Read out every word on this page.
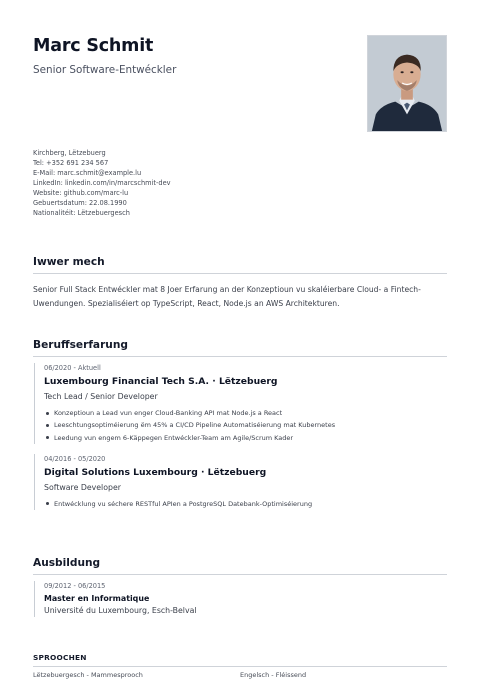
Marc Schmit
Senior Software-Entwéckler
Kirchberg, Lëtzebuerg
Tel: +352 691 234 567
E-Mail: marc.schmit@example.lu
LinkedIn: linkedin.com/in/marcschmit-dev
Website: github.com/marc-lu
Gebuertsdatum: 22.08.1990
Nationalitéit: Lëtzebuergesch
Iwwer mech
Senior Full Stack Entwéckler mat 8 Joer Erfarung an der Konzeptioun vu skaléierbare Cloud- a Fintech-Uwendungen. Spezialiséiert op TypeScript, React, Node.js an AWS Architekturen.
Beruffserfarung
06/2020 - Aktuell
Luxembourg Financial Tech S.A. · Lëtzebuerg
Tech Lead / Senior Developer
Konzeptioun a Lead vun enger Cloud-Banking API mat Node.js a React
Leeschtungsoptiméierung ëm 45% a CI/CD Pipeline Automatiséierung mat Kubernetes
Leedung vun engem 6-Käppegen Entwéckler-Team am Agile/Scrum Kader
04/2016 - 05/2020
Digital Solutions Luxembourg · Lëtzebuerg
Software Developer
Entwécklung vu séchere RESTful APIen a PostgreSQL Datebank-Optimiséierung
Ausbildung
09/2012 - 06/2015
Master en Informatique
Université du Luxembourg, Esch-Belval
SPROOCHEN
Lëtzebuergesch - Mammesprooch	Engelsch - Fléissend
